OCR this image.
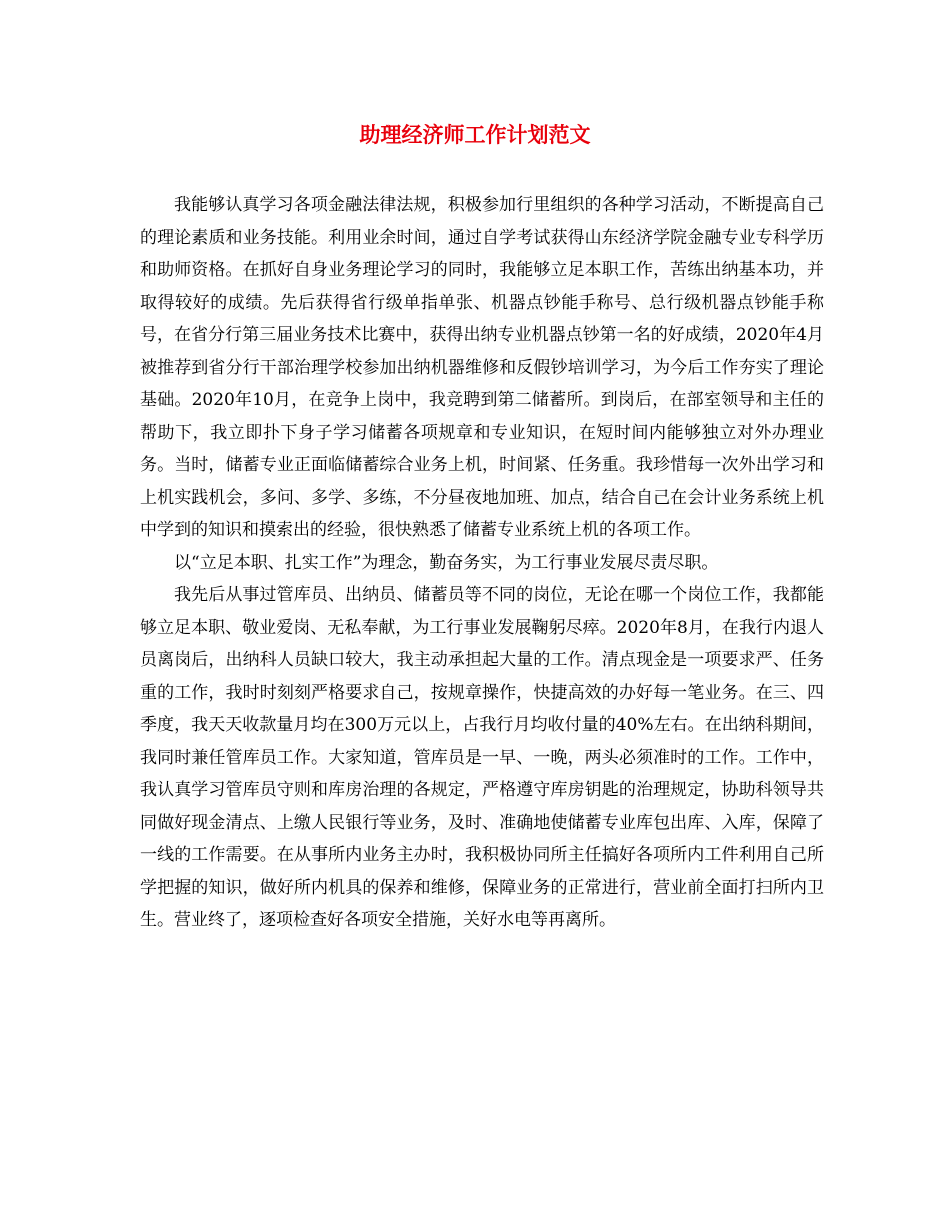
助理经济师工作计划范文

我能够认真学习各项金融法律法规，积极参加行里组织的各种学习活动，不断提高自己的理论素质和业务技能。利用业余时间，通过自学考试获得山东经济学院金融专业专科学历和助师资格。在抓好自身业务理论学习的同时，我能够立足本职工作，苦练出纳基本功，并取得较好的成绩。先后获得省行级单指单张、机器点钞能手称号、总行级机器点钞能手称号，在省分行第三届业务技术比赛中，获得出纳专业机器点钞第一名的好成绩，2020年4月被推荐到省分行干部治理学校参加出纳机器维修和反假钞培训学习，为今后工作夯实了理论基础。2020年10月，在竞争上岗中，我竞聘到第二储蓄所。到岗后，在部室领导和主任的帮助下，我立即扑下身子学习储蓄各项规章和专业知识，在短时间内能够独立对外办理业务。当时，储蓄专业正面临储蓄综合业务上机，时间紧、任务重。我珍惜每一次外出学习和上机实践机会，多问、多学、多练，不分昼夜地加班、加点，结合自己在会计业务系统上机中学到的知识和摸索出的经验，很快熟悉了储蓄专业系统上机的各项工作。

以“立足本职、扎实工作”为理念，勤奋务实，为工行事业发展尽责尽职。

我先后从事过管库员、出纳员、储蓄员等不同的岗位，无论在哪一个岗位工作，我都能够立足本职、敬业爱岗、无私奉献，为工行事业发展鞠躬尽瘁。2020年8月，在我行内退人员离岗后，出纳科人员缺口较大，我主动承担起大量的工作。清点现金是一项要求严、任务重的工作，我时时刻刻严格要求自己，按规章操作，快捷高效的办好每一笔业务。在三、四季度，我天天收款量月均在300万元以上，占我行月均收付量的40%左右。在出纳科期间，我同时兼任管库员工作。大家知道，管库员是一早、一晚，两头必须准时的工作。工作中，我认真学习管库员守则和库房治理的各规定，严格遵守库房钥匙的治理规定，协助科领导共同做好现金清点、上缴人民银行等业务，及时、准确地使储蓄专业库包出库、入库，保障了一线的工作需要。在从事所内业务主办时，我积极协同所主任搞好各项所内工件利用自己所学把握的知识，做好所内机具的保养和维修，保障业务的正常进行，营业前全面打扫所内卫生。营业终了，逐项检查好各项安全措施，关好水电等再离所。
